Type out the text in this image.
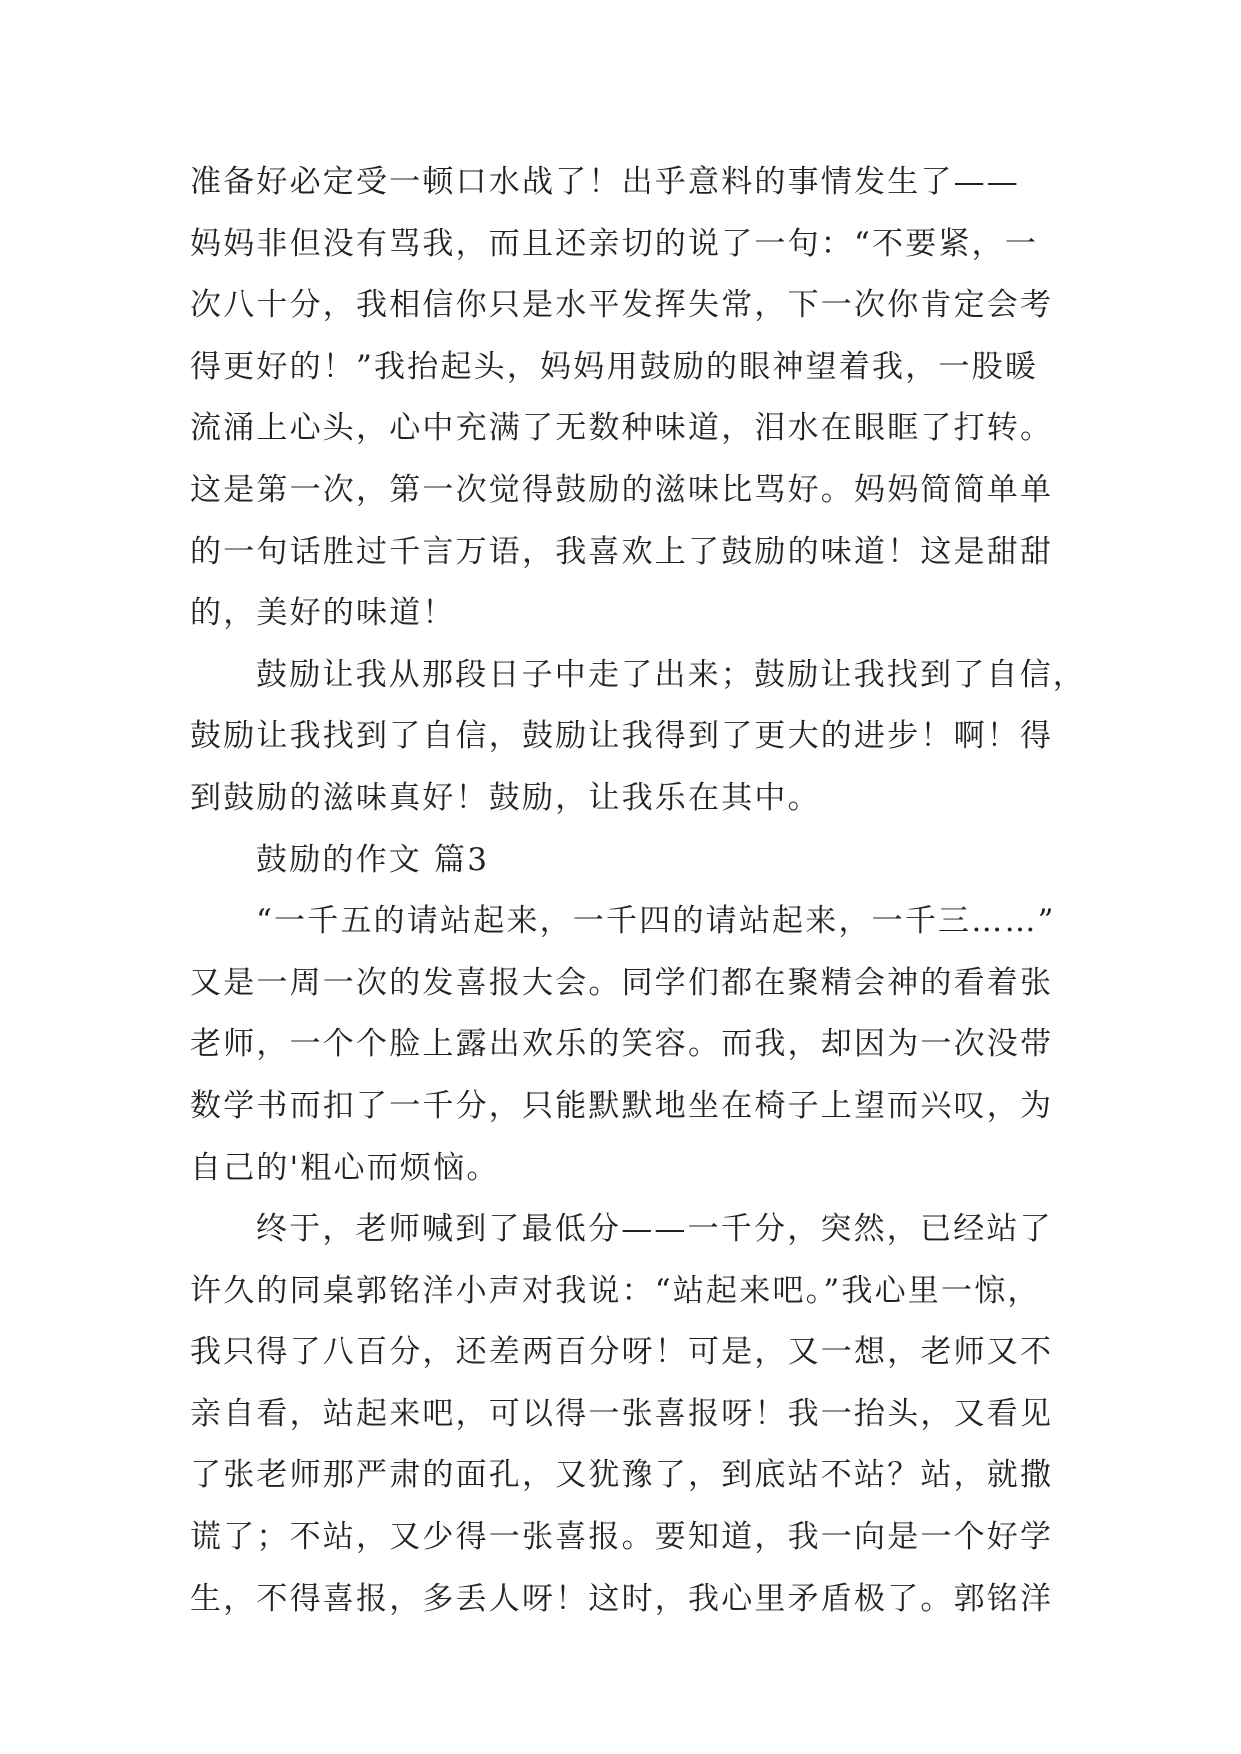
准备好必定受一顿口水战了！出乎意料的事情发生了——
妈妈非但没有骂我，而且还亲切的说了一句：“不要紧，一
次八十分，我相信你只是水平发挥失常，下一次你肯定会考
得更好的！”我抬起头，妈妈用鼓励的眼神望着我，一股暖
流涌上心头，心中充满了无数种味道，泪水在眼眶了打转。
这是第一次，第一次觉得鼓励的滋味比骂好。妈妈简简单单
的一句话胜过千言万语，我喜欢上了鼓励的味道！这是甜甜
的，美好的味道！
鼓励让我从那段日子中走了出来；鼓励让我找到了自信，
鼓励让我找到了自信，鼓励让我得到了更大的进步！啊！得
到鼓励的滋味真好！鼓励，让我乐在其中。
鼓励的作文 篇3
“一千五的请站起来，一千四的请站起来，一千三……”
又是一周一次的发喜报大会。同学们都在聚精会神的看着张
老师，一个个脸上露出欢乐的笑容。而我，却因为一次没带
数学书而扣了一千分，只能默默地坐在椅子上望而兴叹，为
自己的'粗心而烦恼。
终于，老师喊到了最低分——一千分，突然，已经站了
许久的同桌郭铭洋小声对我说：“站起来吧。”我心里一惊，
我只得了八百分，还差两百分呀！可是，又一想，老师又不
亲自看，站起来吧，可以得一张喜报呀！我一抬头，又看见
了张老师那严肃的面孔，又犹豫了，到底站不站？站，就撒
谎了；不站，又少得一张喜报。要知道，我一向是一个好学
生，不得喜报，多丢人呀！这时，我心里矛盾极了。郭铭洋
